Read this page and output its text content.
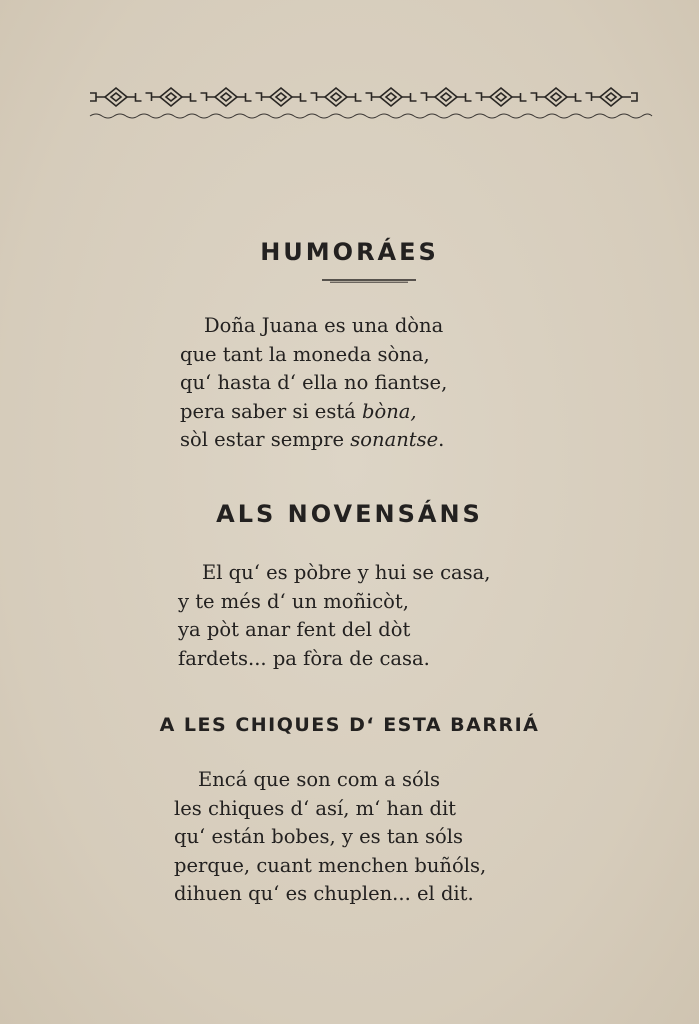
HUMORÁES
Doña Juana es una dòna
que tant la moneda sòna,
qu‘ hasta d‘ ella no fiantse,
pera saber si está bòna,
sòl estar sempre sonantse.
ALS NOVENSÁNS
El qu‘ es pòbre y hui se casa,
y te més d‘ un moñicòt,
ya pòt anar fent del dòt
fardets... pa fòra de casa.
A LES CHIQUES D‘ ESTA BARRIÁ
Encá que son com a sóls
les chiques d‘ así, m‘ han dit
qu‘ están bobes, y es tan sóls
perque, cuant menchen buñóls,
dihuen qu‘ es chuplen... el dit.
